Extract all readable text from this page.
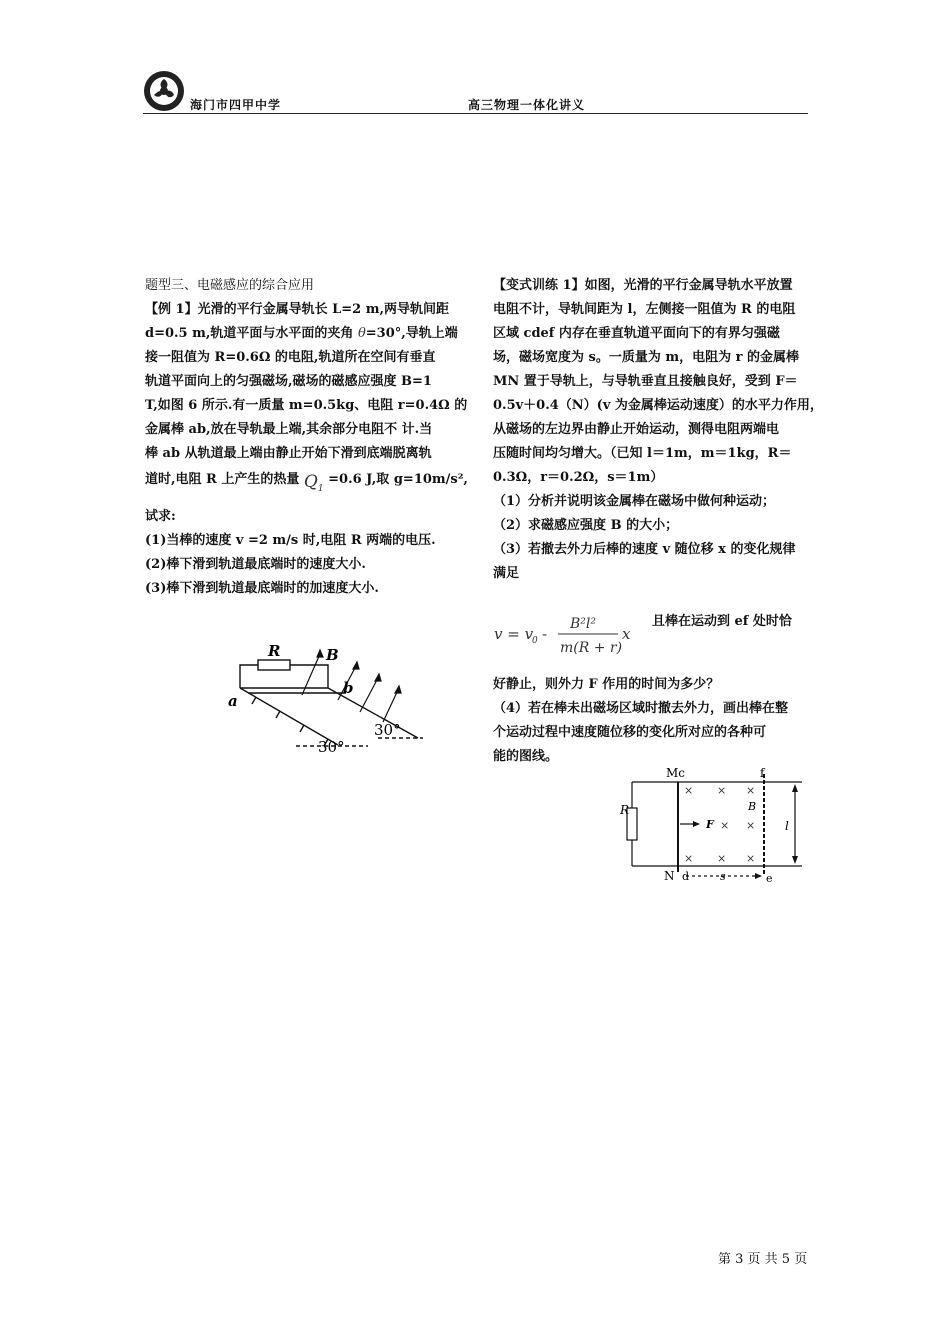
海门市四甲中学	高三物理一体化讲义

题型三、电磁感应的综合应用

【例 1】光滑的平行金属导轨长 L=2 m,两导轨间距

d=0.5 m,轨道平面与水平面的夹角 θ=30°,导轨上端

接一阻值为 R=0.6Ω 的电阻,轨道所在空间有垂直

轨道平面向上的匀强磁场,磁场的磁感应强度 B=1

T,如图 6 所示.有一质量 m=0.5kg、电阻 r=0.4Ω 的

金属棒 ab,放在导轨最上端,其余部分电阻不 计.当

棒 ab 从轨道最上端由静止开始下滑到底端脱离轨

道时,电阻 R 上产生的热量 $Q_1 =0.6$ J,取 g=10m/s²,

试求:

(1)当棒的速度 v =2 m/s 时,电阻 R 两端的电压.

(2)棒下滑到轨道最底端时的速度大小.

(3)棒下滑到轨道最底端时的加速度大小.

R	B
a
b
30°
30°

【变式训练 1】如图，光滑的平行金属导轨水平放置

电阻不计，导轨间距为 l，左侧接一阻值为 R 的电阻

区域 cdef 内存在垂直轨道平面向下的有界匀强磁

场，磁场宽度为 s。一质量为 m，电阻为 r 的金属棒

MN 置于导轨上，与导轨垂直且接触良好，受到 F＝

0.5v＋0.4（N）(v 为金属棒运动速度）的水平力作用，

从磁场的左边界由静止开始运动，测得电阻两端电

压随时间均匀增大。（已知 l＝1m，m＝1kg，R＝

0.3Ω，r＝0.2Ω，s＝1m）

（1）分析并说明该金属棒在磁场中做何种运动；

（2）求磁感应强度 B 的大小；

（3）若撤去外力后棒的速度 v 随位移 x 的变化规律

满足

v = v
0 -
B²l²
m(R + r)
x

且棒在运动到 ef 处时恰

好静止，则外力 F 作用的时间为多少？

（4）若在棒未出磁场区域时撤去外力，画出棒在整

个运动过程中速度随位移的变化所对应的各种可

能的图线。

× × ×
× ×
× × ×
Mc	f
R
F
B
l
N d	s	e
第 3 页 共 5 页
